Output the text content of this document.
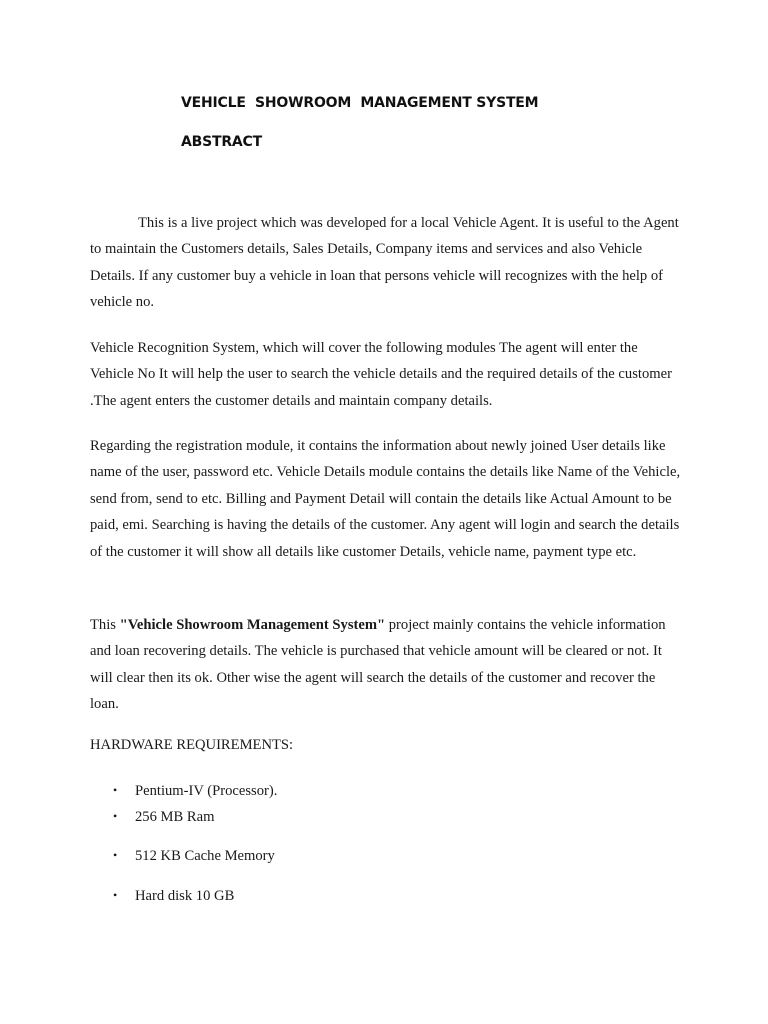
VEHICLE  SHOWROOM  MANAGEMENT SYSTEM
ABSTRACT

This is a live project which was developed for a local Vehicle Agent. It is useful to the Agent to maintain the Customers details, Sales Details, Company items and services and also Vehicle Details. If any customer buy a vehicle in loan that persons vehicle will recognizes with the help of vehicle no.

Vehicle Recognition System, which will cover the following modules The agent will enter the Vehicle No It will help the user to search the vehicle details and the required details of the customer .The agent enters the customer details and maintain company details.

Regarding the registration module, it contains the information about newly joined User details like name of the user, password etc. Vehicle Details module contains the details like Name of the Vehicle, send from, send to etc. Billing and Payment Detail will contain the details like Actual Amount to be paid, emi. Searching is having the details of the customer. Any agent will login and search the details of the customer it will show all details like customer Details, vehicle name, payment type etc.

This "Vehicle Showroom Management System" project mainly contains the vehicle information and loan recovering details. The vehicle is purchased that vehicle amount will be cleared or not. It will clear then its ok. Other wise the agent will search the details of the customer and recover the loan.

HARDWARE REQUIREMENTS:
• Pentium-IV (Processor).
• 256 MB Ram
• 512 KB Cache Memory
• Hard disk 10 GB
